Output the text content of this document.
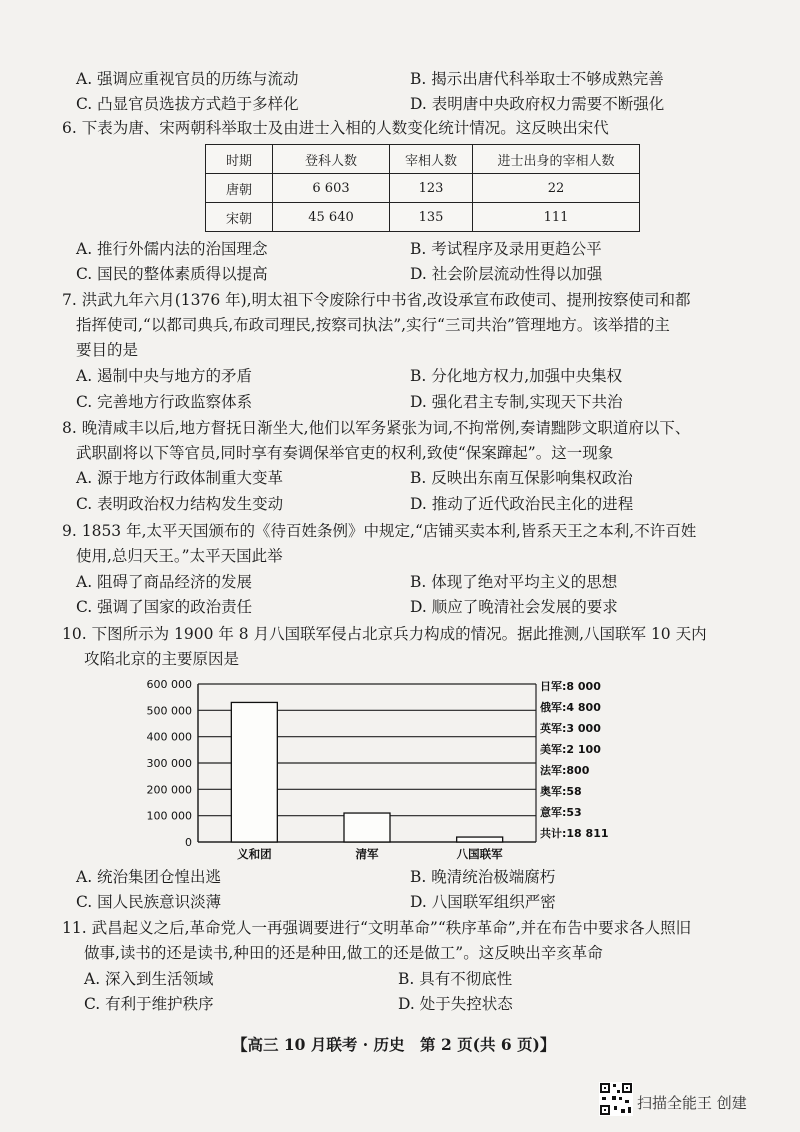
A. 强调应重视官员的历练与流动	B. 揭示出唐代科举取士不够成熟完善
C. 凸显官员选拔方式趋于多样化	D. 表明唐中央政府权力需要不断强化
6. 下表为唐、宋两朝科举取士及由进士入相的人数变化统计情况。这反映出宋代
时期	登科人数	宰相人数	进士出身的宰相人数
唐朝	6 603	123	22
宋朝	45 640	135	111
A. 推行外儒内法的治国理念	B. 考试程序及录用更趋公平
C. 国民的整体素质得以提高	D. 社会阶层流动性得以加强
7. 洪武九年六月(1376 年),明太祖下令废除行中书省,改设承宣布政使司、提刑按察使司和都
指挥使司,“以都司典兵,布政司理民,按察司执法”,实行“三司共治”管理地方。该举措的主
要目的是
A. 遏制中央与地方的矛盾	B. 分化地方权力,加强中央集权
C. 完善地方行政监察体系	D. 强化君主专制,实现天下共治
8. 晚清咸丰以后,地方督抚日渐坐大,他们以军务紧张为词,不拘常例,奏请黜陟文职道府以下、
武职副将以下等官员,同时享有奏调保举官吏的权利,致使“保案蹿起”。这一现象
A. 源于地方行政体制重大变革	B. 反映出东南互保影响集权政治
C. 表明政治权力结构发生变动	D. 推动了近代政治民主化的进程
9. 1853 年,太平天国颁布的《待百姓条例》中规定,“店铺买卖本利,皆系天王之本利,不许百姓
使用,总归天王。”太平天国此举
A. 阻碍了商品经济的发展	B. 体现了绝对平均主义的思想
C. 强调了国家的政治责任	D. 顺应了晚清社会发展的要求
10. 下图所示为 1900 年 8 月八国联军侵占北京兵力构成的情况。据此推测,八国联军 10 天内
攻陷北京的主要原因是
0
100 000
200 000
300 000
400 000
500 000
600 000
义和团	清军	八国联军
日军:8 000
俄军:4 800
英军:3 000
美军:2 100
法军:800
奥军:58
意军:53
共计:18 811
A. 统治集团仓惶出逃	B. 晚清统治极端腐朽
C. 国人民族意识淡薄	D. 八国联军组织严密
11. 武昌起义之后,革命党人一再强调要进行“文明革命”“秩序革命”,并在布告中要求各人照旧
做事,读书的还是读书,种田的还是种田,做工的还是做工”。这反映出辛亥革命
A. 深入到生活领域	B. 具有不彻底性
C. 有利于维护秩序	D. 处于失控状态
【高三 10 月联考 · 历史　第 2 页(共 6 页)】
扫描全能王 创建
